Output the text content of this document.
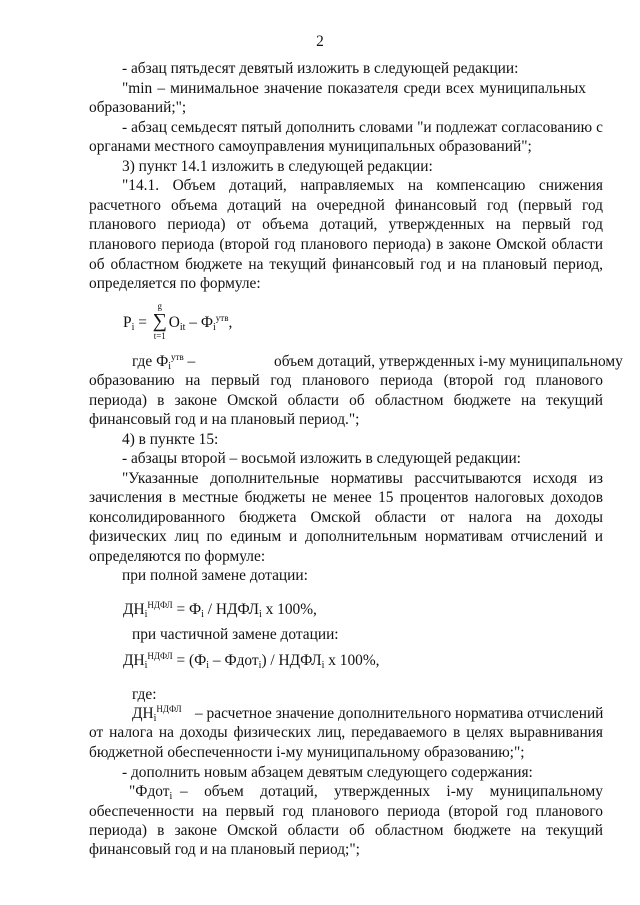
2
- абзац пятьдесят девятый изложить в следующей редакции:
"min – минимальное значение показателя среди всех муниципальных
образований;";
- абзац семьдесят пятый дополнить словами "и подлежат согласованию с
органами местного самоуправления муниципальных образований";
3) пункт 14.1 изложить в следующей редакции:
"14.1. Объем дотаций, направляемых на компенсацию снижения
расчетного объема дотаций на очередной финансовый год (первый год
планового периода) от объема дотаций, утвержденных на первый год
планового периода (второй год планового периода) в законе Омской области
об областном бюджете на текущий финансовый год и на плановый период,
определяется по формуле:
$P_i$ =
g
∑
t=1
$O_{it} - Ф_i^{утв}$,
где $Ф_i^{утв}$ –	объем дотаций, утвержденных i-му муниципальному
образованию на первый год планового периода (второй год планового
периода) в законе Омской области об областном бюджете на текущий
финансовый год и на плановый период.";
4) в пункте 15:
- абзацы второй – восьмой изложить в следующей редакции:
"Указанные дополнительные нормативы рассчитываются исходя из
зачисления в местные бюджеты не менее 15 процентов налоговых доходов
консолидированного бюджета Омской области от налога на доходы
физических лиц по единым и дополнительным нормативам отчислений и
определяются по формуле:
при полной замене дотации:
$ДН_i^{НДФЛ} = Ф_i$ / $НДФЛ_i$ х 100%,
при частичной замене дотации:
$ДН_i^{НДФЛ} = (Ф_i$ – Фдот$_i$) / $НДФЛ_i$ х 100%,
где:
$ДН_i^{НДФЛ}$ – расчетное значение дополнительного норматива отчислений
от налога на доходы физических лиц, передаваемого в целях выравнивания
бюджетной обеспеченности i-му муниципальному образованию;";
- дополнить новым абзацем девятым следующего содержания:
"Фдот$_i$ – объем дотаций, утвержденных i-му муниципальному
обеспеченности на первый год планового периода (второй год планового
периода) в законе Омской области об областном бюджете на текущий
финансовый год и на плановый период;";
